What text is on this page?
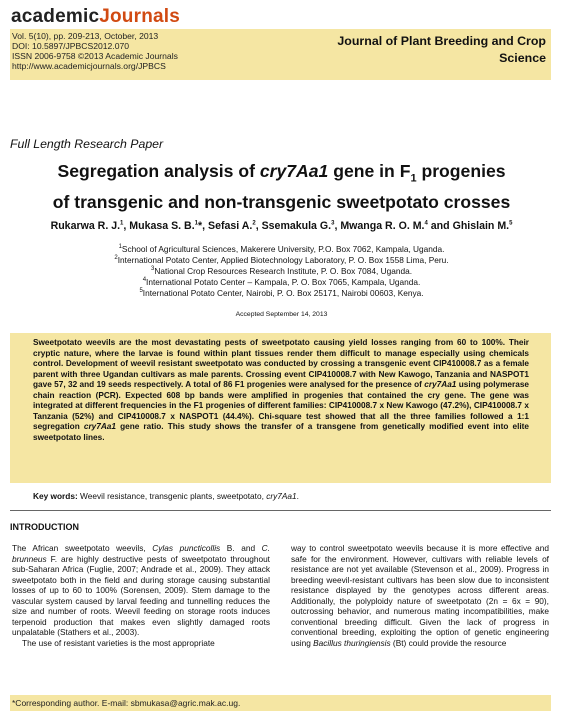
academicJournals
Vol. 5(10), pp. 209-213, October, 2013
DOI: 10.5897/JPBCS2012.070
ISSN 2006-9758 ©2013 Academic Journals
http://www.academicjournals.org/JPBCS
Journal of Plant Breeding and Crop
Science
Full Length Research Paper
Segregation analysis of cry7Aa1 gene in $F_1$ progenies
of transgenic and non-transgenic sweetpotato crosses
Rukarwa R. J.$^1$, Mukasa S. B.$^1$*, Sefasi A.$^2$, Ssemakula G.$^3$, Mwanga R. O. M.$^4$ and Ghislain M.$^5$
$^1$School of Agricultural Sciences, Makerere University, P.O. Box 7062, Kampala, Uganda.
$^2$International Potato Center, Applied Biotechnology Laboratory, P. O. Box 1558 Lima, Peru.
$^3$National Crop Resources Research Institute, P. O. Box 7084, Uganda.
$^4$International Potato Center – Kampala, P. O. Box 7065, Kampala, Uganda.
$^5$International Potato Center, Nairobi, P. O. Box 25171, Nairobi 00603, Kenya.
Accepted September 14, 2013
Sweetpotato weevils are the most devastating pests of sweetpotato causing yield losses ranging from 60 to 100%. Their cryptic nature, where the larvae is found within plant tissues render them difficult to manage especially using chemicals control. Development of weevil resistant sweetpotato was conducted by crossing a transgenic event CIP410008.7 as a female parent with three Ugandan cultivars as male parents. Crossing event CIP410008.7 with New Kawogo, Tanzania and NASPOT1 gave 57, 32 and 19 seeds respectively. A total of 86 F1 progenies were analysed for the presence of cry7Aa1 using polymerase chain reaction (PCR). Expected 608 bp bands were amplified in progenies that contained the cry gene. The gene was integrated at different frequencies in the F1 progenies of different families: CIP410008.7 x New Kawogo (47.2%), CIP410008.7 x Tanzania (52%) and CIP410008.7 x NASPOT1 (44.4%). Chi-square test showed that all the three families followed a 1:1 segregation cry7Aa1 gene ratio. This study shows the transfer of a transgene from genetically modified event into elite sweetpotato lines.
Key words: Weevil resistance, transgenic plants, sweetpotato, cry7Aa1.
INTRODUCTION

The African sweetpotato weevils, Cylas puncticollis B. and C. brunneus F. are highly destructive pests of sweetpotato throughout sub-Saharan Africa (Fuglie, 2007; Andrade et al., 2009). They attack sweetpotato both in the field and during storage causing substantial losses of up to 60 to 100% (Sorensen, 2009). Stem damage to the vascular system caused by larval feeding and tunnelling reduces the size and number of roots. Weevil feeding on storage roots induces terpenoid production that makes even slightly damaged roots unpalatable (Stathers et al., 2003).

The use of resistant varieties is the most appropriate

way to control sweetpotato weevils because it is more effective and safe for the environment. However, cultivars with reliable levels of resistance are not yet available (Stevenson et al., 2009). Progress in breeding weevil-resistant cultivars has been slow due to inconsistent resistance displayed by the genotypes across different areas. Additionally, the polyploidy nature of sweetpotato (2n = 6x = 90), outcrossing behavior, and numerous mating incompatibilities, make conventional breeding difficult. Given the lack of progress in conventional breeding, exploiting the option of genetic engineering using Bacillus thuringiensis (Bt) could provide the resource

*Corresponding author. E-mail: sbmukasa@agric.mak.ac.ug.
